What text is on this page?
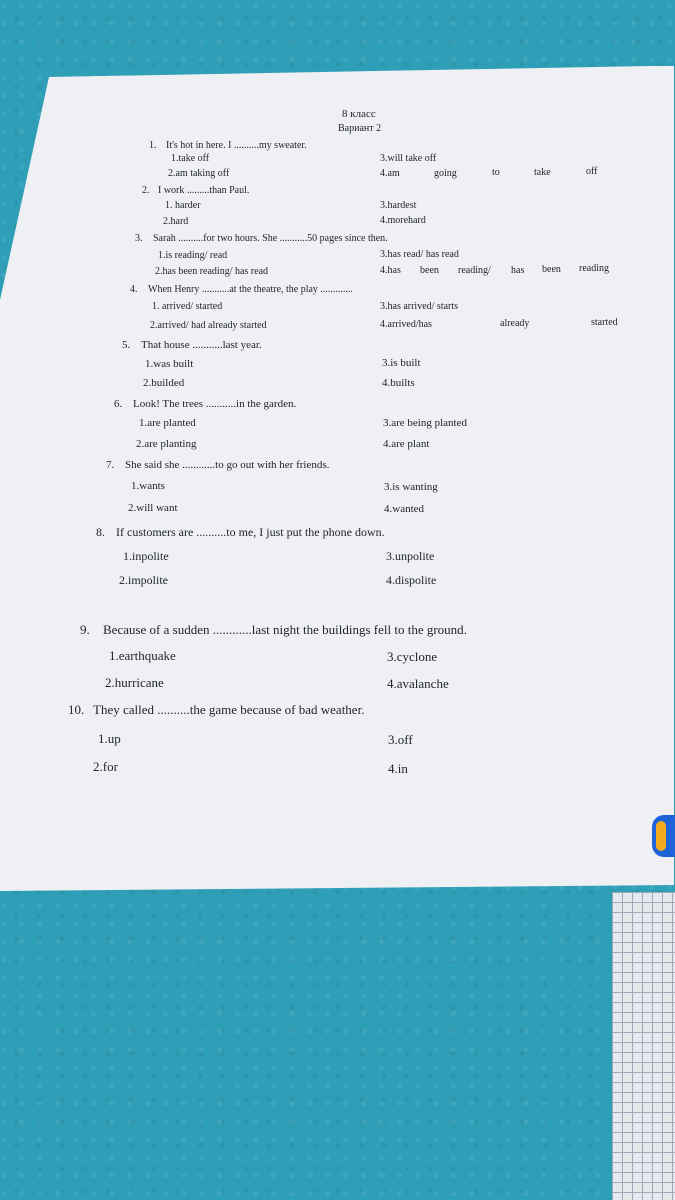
8 класс
Вариант 2
1. It's hot in here. I ..........my sweater.
1.take off
2.am taking off
3.will take off
4.am	going	to	take	off
2. I work .........than Paul.
1. harder
2.hard
3.hardest
4.morehard
3. Sarah ..........for two hours. She ...........50 pages since then.
1.is reading/ read
2.has been reading/ has read
3.has read/ has read
4.has been reading/ has been reading
4. When Henry ...........at the theatre, the play .............
1. arrived/ started
2.arrived/ had already started
3.has arrived/ starts
4.arrived/has	already	started
5. That house ...........last year.
1.was built
2.builded
3.is built
4.builts
6. Look! The trees ...........in the garden.
1.are planted
2.are planting
3.are being planted
4.are plant
7. She said she ............to go out with her friends.
1.wants
2.will want
3.is wanting
4.wanted
8. If customers are ..........to me, I just put the phone down.
1.inpolite
2.impolite
3.unpolite
4.dispolite
9. Because of a sudden ............last night the buildings fell to the ground.
1.earthquake
2.hurricane
3.cyclone
4.avalanche
10. They called ..........the game because of bad weather.
1.up
2.for
3.off
4.in
